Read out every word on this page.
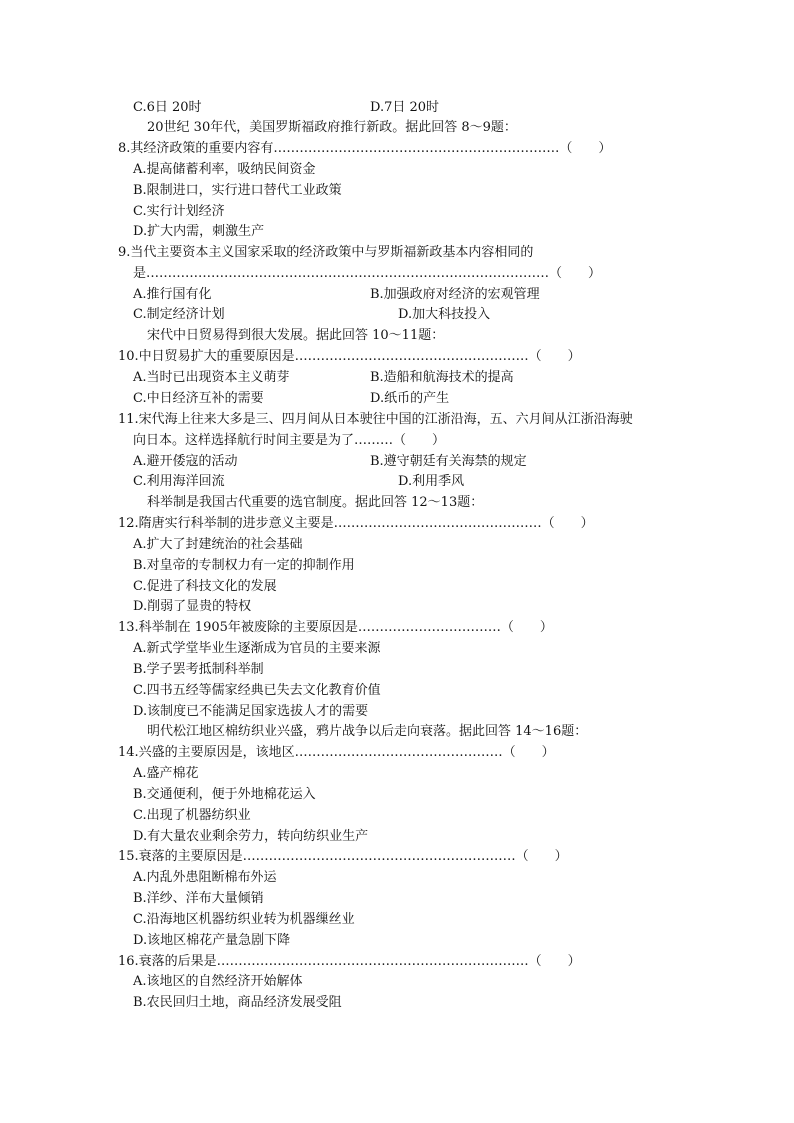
C.6日 20时	D.7日 20时
20世纪 30年代，美国罗斯福政府推行新政。据此回答 8～9题：
8.其经济政策的重要内容有…………………………………………………………（　　）
A.提高储蓄利率，吸纳民间资金
B.限制进口，实行进口替代工业政策
C.实行计划经济
D.扩大内需，刺激生产
9.当代主要资本主义国家采取的经济政策中与罗斯福新政基本内容相同的
是…………………………………………………………………………………（　　）
A.推行国有化	B.加强政府对经济的宏观管理
C.制定经济计划	D.加大科技投入
宋代中日贸易得到很大发展。据此回答 10～11题：
10.中日贸易扩大的重要原因是………………………………………………（　　）
A.当时已出现资本主义萌芽	B.造船和航海技术的提高
C.中日经济互补的需要	D.纸币的产生
11.宋代海上往来大多是三、四月间从日本驶往中国的江浙沿海，五、六月间从江浙沿海驶
向日本。这样选择航行时间主要是为了………（　　）
A.避开倭寇的活动	B.遵守朝廷有关海禁的规定
C.利用海洋回流	D.利用季风
科举制是我国古代重要的选官制度。据此回答 12～13题：
12.隋唐实行科举制的进步意义主要是…………………………………………（　　）
A.扩大了封建统治的社会基础
B.对皇帝的专制权力有一定的抑制作用
C.促进了科技文化的发展
D.削弱了显贵的特权
13.科举制在 1905年被废除的主要原因是……………………………（　　）
A.新式学堂毕业生逐渐成为官员的主要来源
B.学子罢考抵制科举制
C.四书五经等儒家经典已失去文化教育价值
D.该制度已不能满足国家选拔人才的需要
明代松江地区棉纺织业兴盛，鸦片战争以后走向衰落。据此回答 14～16题：
14.兴盛的主要原因是，该地区…………………………………………（　　）
A.盛产棉花
B.交通便利，便于外地棉花运入
C.出现了机器纺织业
D.有大量农业剩余劳力，转向纺织业生产
15.衰落的主要原因是………………………………………………………（　　）
A.内乱外患阻断棉布外运
B.洋纱、洋布大量倾销
C.沿海地区机器纺织业转为机器缫丝业
D.该地区棉花产量急剧下降
16.衰落的后果是………………………………………………………………（　　）
A.该地区的自然经济开始解体
B.农民回归土地，商品经济发展受阻
